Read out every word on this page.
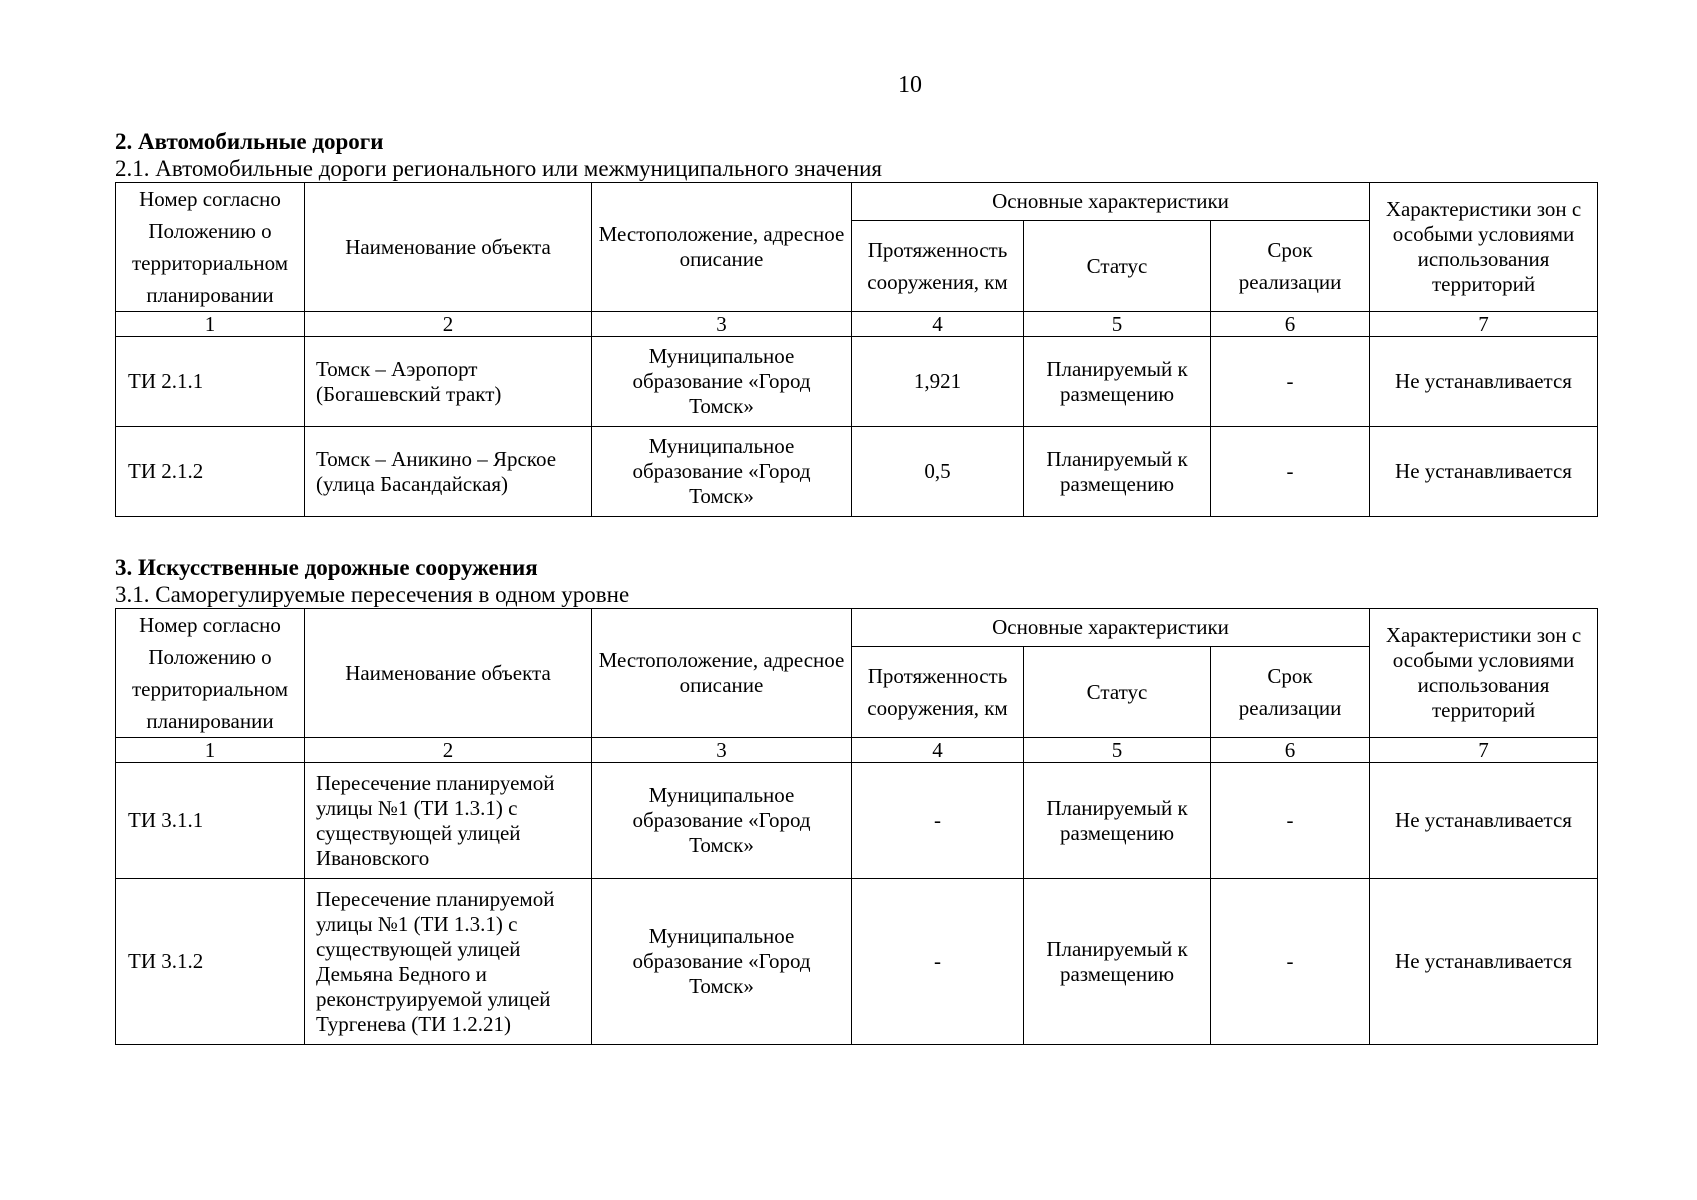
10
2. Автомобильные дороги
2.1. Автомобильные дороги регионального или межмуниципального значения
Номер согласно Положению о территориальном планировании	Наименование объекта	Местоположение, адресное описание	Основные характеристики			Характеристики зон с особыми условиями использования территорий
			Протяженность сооружения, км	Статус	Срок реализации	
1	2	3	4	5	6	7
ТИ 2.1.1	Томск – Аэропорт (Богашевский тракт)	Муниципальное образование «Город Томск»	1,921	Планируемый к размещению	-	Не устанавливается
ТИ 2.1.2	Томск – Аникино – Ярское (улица Басандайская)	Муниципальное образование «Город Томск»	0,5	Планируемый к размещению	-	Не устанавливается
3. Искусственные дорожные сооружения
3.1. Саморегулируемые пересечения в одном уровне
Номер согласно Положению о территориальном планировании	Наименование объекта	Местоположение, адресное описание	Основные характеристики			Характеристики зон с особыми условиями использования территорий
			Протяженность сооружения, км	Статус	Срок реализации	
1	2	3	4	5	6	7
ТИ 3.1.1	Пересечение планируемой улицы №1 (ТИ 1.3.1) с существующей улицей Ивановского	Муниципальное образование «Город Томск»	-	Планируемый к размещению	-	Не устанавливается
ТИ 3.1.2	Пересечение планируемой улицы №1 (ТИ 1.3.1) с существующей улицей Демьяна Бедного и реконструируемой улицей Тургенева (ТИ 1.2.21)	Муниципальное образование «Город Томск»	-	Планируемый к размещению	-	Не устанавливается
